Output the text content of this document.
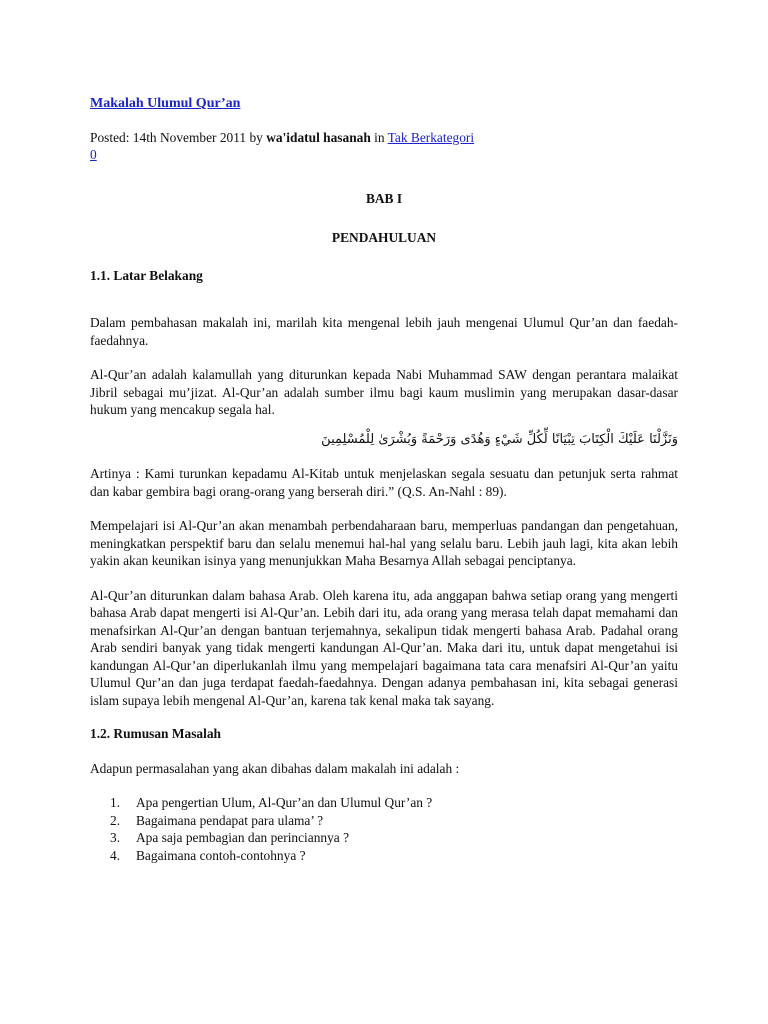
Makalah Ulumul Qur’an
Posted: 14th November 2011 by wa'idatul hasanah in Tak Berkategori
0

BAB I

PENDAHULUAN

1.1. Latar Belakang

Dalam pembahasan makalah ini, marilah kita mengenal lebih jauh mengenai Ulumul Qur’an dan faedah-faedahnya.

Al-Qur’an adalah kalamullah yang diturunkan kepada Nabi Muhammad SAW dengan perantara malaikat Jibril sebagai mu’jizat. Al-Qur’an adalah sumber ilmu bagi kaum muslimin yang merupakan dasar-dasar hukum yang mencakup segala hal.

وَنَزَّلْنَا عَلَيْكَ الْكِتَابَ تِبْيَانًا لِّكُلِّ شَيْءٍ وَهُدًى وَرَحْمَةً وَبُشْرَىٰ لِلْمُسْلِمِينَ

Artinya : Kami turunkan kepadamu Al-Kitab untuk menjelaskan segala sesuatu dan petunjuk serta rahmat dan kabar gembira bagi orang-orang yang berserah diri.” (Q.S. An-Nahl : 89).

Mempelajari isi Al-Qur’an akan menambah perbendaharaan baru, memperluas pandangan dan pengetahuan, meningkatkan perspektif baru dan selalu menemui hal-hal yang selalu baru. Lebih jauh lagi, kita akan lebih yakin akan keunikan isinya yang menunjukkan Maha Besarnya Allah sebagai penciptanya.

Al-Qur’an diturunkan dalam bahasa Arab. Oleh karena itu, ada anggapan bahwa setiap orang yang mengerti bahasa Arab dapat mengerti isi Al-Qur’an. Lebih dari itu, ada orang yang merasa telah dapat memahami dan menafsirkan Al-Qur’an dengan bantuan terjemahnya, sekalipun tidak mengerti bahasa Arab. Padahal orang Arab sendiri banyak yang tidak mengerti kandungan Al-Qur’an. Maka dari itu, untuk dapat mengetahui isi kandungan Al-Qur’an diperlukanlah ilmu yang mempelajari bagaimana tata cara menafsiri Al-Qur’an yaitu Ulumul Qur’an dan juga terdapat faedah-faedahnya. Dengan adanya pembahasan ini, kita sebagai generasi islam supaya lebih mengenal Al-Qur’an, karena tak kenal maka tak sayang.

1.2. Rumusan Masalah

Adapun permasalahan yang akan dibahas dalam makalah ini adalah :

1. Apa pengertian Ulum, Al-Qur’an dan Ulumul Qur’an ?
2. Bagaimana pendapat para ulama’ ?
3. Apa saja pembagian dan perinciannya ?
4. Bagaimana contoh-contohnya ?
